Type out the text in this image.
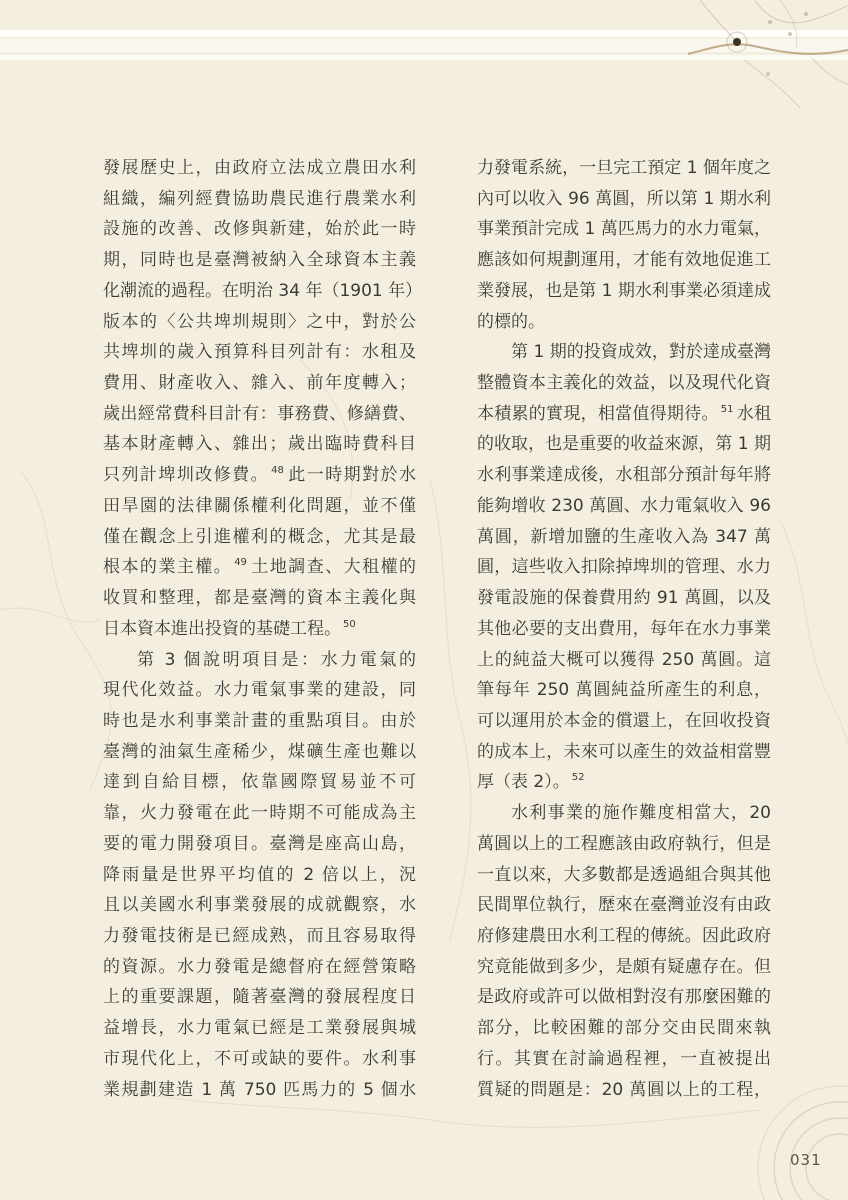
發展歷史上，由政府立法成立農田水利
組織，編列經費協助農民進行農業水利
設施的改善、改修與新建，始於此一時
期，同時也是臺灣被納入全球資本主義
化潮流的過程。在明治 34 年（1901 年）
版本的〈公共埤圳規則〉之中，對於公
共埤圳的歲入預算科目列計有：水租及
費用、財產收入、雜入、前年度轉入；
歲出經常費科目計有：事務費、修繕費、
基本財產轉入、雜出；歲出臨時費科目
只列計埤圳改修費。 $^{48}$ 此一時期對於水
田旱園的法律關係權利化問題，並不僅
僅在觀念上引進權利的概念，尤其是最
根本的業主權。 $^{49}$ 土地調查、大租權的
收買和整理，都是臺灣的資本主義化與
日本資本進出投資的基礎工程。 $^{50}$
第 3 個說明項目是：水力電氣的
現代化效益。水力電氣事業的建設，同
時也是水利事業計畫的重點項目。由於
臺灣的油氣生產稀少，煤礦生產也難以
達到自給目標，依靠國際貿易並不可
靠，火力發電在此一時期不可能成為主
要的電力開發項目。臺灣是座高山島，
降雨量是世界平均值的 2 倍以上，況
且以美國水利事業發展的成就觀察，水
力發電技術是已經成熟，而且容易取得
的資源。水力發電是總督府在經營策略
上的重要課題，隨著臺灣的發展程度日
益增長，水力電氣已經是工業發展與城
市現代化上，不可或缺的要件。水利事
業規劃建造 1 萬 750 匹馬力的 5 個水
力發電系統，一旦完工預定 1 個年度之
內可以收入 96 萬圓，所以第 1 期水利
事業預計完成 1 萬匹馬力的水力電氣，
應該如何規劃運用，才能有效地促進工
業發展，也是第 1 期水利事業必須達成
的標的。
第 1 期的投資成效，對於達成臺灣
整體資本主義化的效益，以及現代化資
本積累的實現，相當值得期待。 $^{51}$ 水租
的收取，也是重要的收益來源，第 1 期
水利事業達成後，水租部分預計每年將
能夠增收 230 萬圓、水力電氣收入 96
萬圓，新增加鹽的生產收入為 347 萬
圓，這些收入扣除掉埤圳的管理、水力
發電設施的保養費用約 91 萬圓，以及
其他必要的支出費用，每年在水力事業
上的純益大概可以獲得 250 萬圓。這
筆每年 250 萬圓純益所產生的利息，
可以運用於本金的償還上，在回收投資
的成本上，未來可以產生的效益相當豐
厚（表 2）。 $^{52}$
水利事業的施作難度相當大，20
萬圓以上的工程應該由政府執行，但是
一直以來，大多數都是透過組合與其他
民間單位執行，歷來在臺灣並沒有由政
府修建農田水利工程的傳統。因此政府
究竟能做到多少，是頗有疑慮存在。但
是政府或許可以做相對沒有那麼困難的
部分，比較困難的部分交由民間來執
行。其實在討論過程裡，一直被提出
質疑的問題是：20 萬圓以上的工程，
031
